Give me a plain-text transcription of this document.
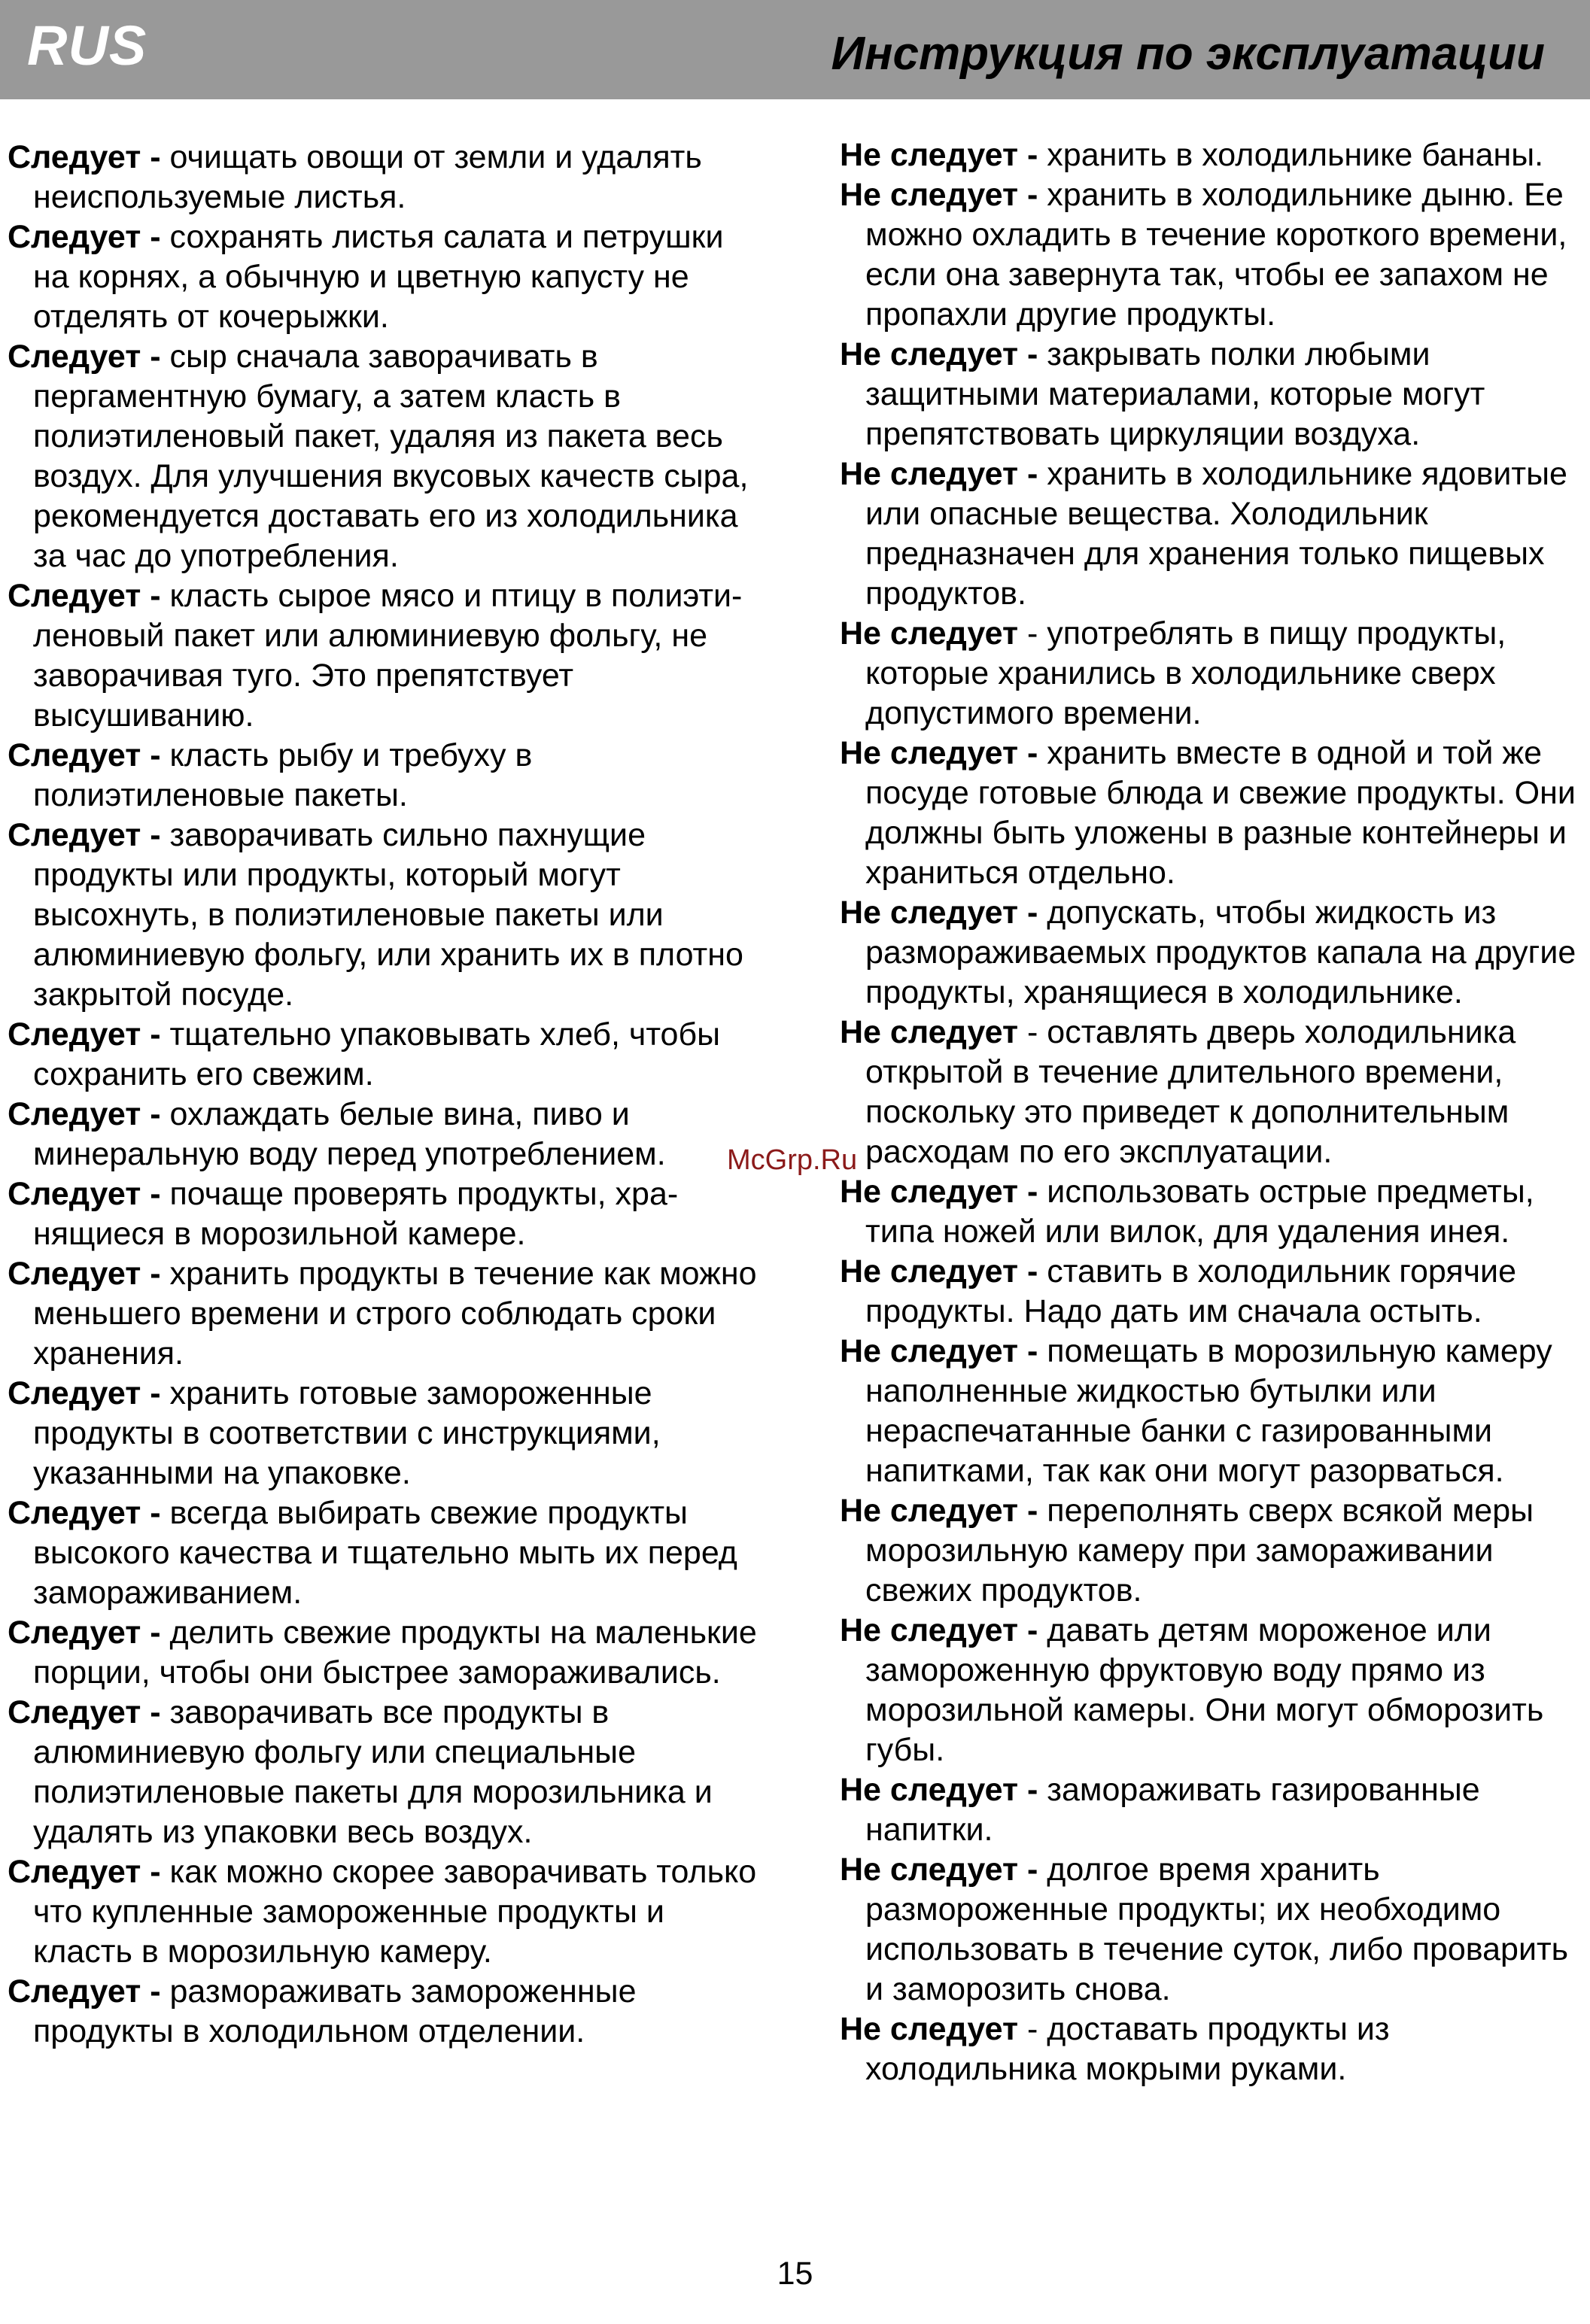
RUS	Инструкция по эксплуатации
Следует - очищать овощи от земли и удалять неиспользуемые листья.
Следует - сохранять листья салата и петрушки на корнях, а обычную и цветную капусту не отделять от кочерыжки.
Следует - сыр сначала заворачивать в пергаментную бумагу, а затем класть в полиэтиленовый пакет, удаляя из пакета весь воздух. Для улучшения вкусовых качеств сыра, рекомендуется доставать его из холодильника за час до употребления.
Следует - класть сырое мясо и птицу в полиэти-леновый пакет или алюминиевую фольгу, не заворачивая туго. Это препятствует высушиванию.
Следует - класть рыбу и требуху в полиэтиленовые пакеты.
Следует - заворачивать сильно пахнущие продукты или продукты, который могут высохнуть, в полиэтиленовые пакеты или алюминиевую фольгу, или хранить их в плотно закрытой посуде.
Следует - тщательно упаковывать хлеб, чтобы сохранить его свежим.
Следует - охлаждать белые вина, пиво и минеральную воду перед употреблением.
Следует - почаще проверять продукты, хра-нящиеся в морозильной камере.
Следует - хранить продукты в течение как можно меньшего времени и строго соблюдать сроки хранения.
Следует - хранить готовые замороженные продукты в соответствии с инструкциями, указанными на упаковке.
Следует - всегда выбирать свежие продукты высокого качества и тщательно мыть их перед замораживанием.
Следует - делить свежие продукты на маленькие порции, чтобы они быстрее замораживались.
Следует - заворачивать все продукты в алюминиевую фольгу или специальные полиэтиленовые пакеты для морозильника и удалять из упаковки весь воздух.
Следует - как можно скорее заворачивать только что купленные замороженные продукты и класть в морозильную камеру.
Следует - размораживать замороженные продукты в холодильном отделении.
Не следует - хранить в холодильнике бананы.
Не следует - хранить в холодильнике дыню. Ее можно охладить в течение короткого времени, если она завернута так, чтобы ее запахом не пропахли другие продукты.
Не следует - закрывать полки любыми защитными материалами, которые могут препятствовать циркуляции воздуха.
Не следует - хранить в холодильнике ядовитые или опасные вещества. Холодильник предназначен для хранения только пищевых продуктов.
Не следует - употреблять в пищу продукты, которые хранились в холодильнике сверх допустимого времени.
Не следует - хранить вместе в одной и той же посуде готовые блюда и свежие продукты. Они должны быть уложены в разные контейнеры и храниться отдельно.
Не следует - допускать, чтобы жидкость из размораживаемых продуктов капала на другие продукты, хранящиеся в холодильнике.
Не следует - оставлять дверь холодильника открытой в течение длительного времени, поскольку это приведет к дополнительным расходам по его эксплуатации.
Не следует - использовать острые предметы, типа ножей или вилок, для удаления инея.
Не следует - ставить в холодильник горячие продукты. Надо дать им сначала остыть.
Не следует - помещать в морозильную камеру наполненные жидкостью бутылки или нераспечатанные банки с газированными напитками, так как они могут разорваться.
Не следует - переполнять сверх всякой меры морозильную камеру при замораживании свежих продуктов.
Не следует - давать детям мороженое или замороженную фруктовую воду прямо из морозильной камеры. Они могут обморозить губы.
Не следует - замораживать газированные напитки.
Не следует - долгое время хранить размороженные продукты; их необходимо использовать в течение суток, либо проварить и заморозить снова.
Не следует - доставать продукты из холодильника мокрыми руками.
McGrp.Ru
15
